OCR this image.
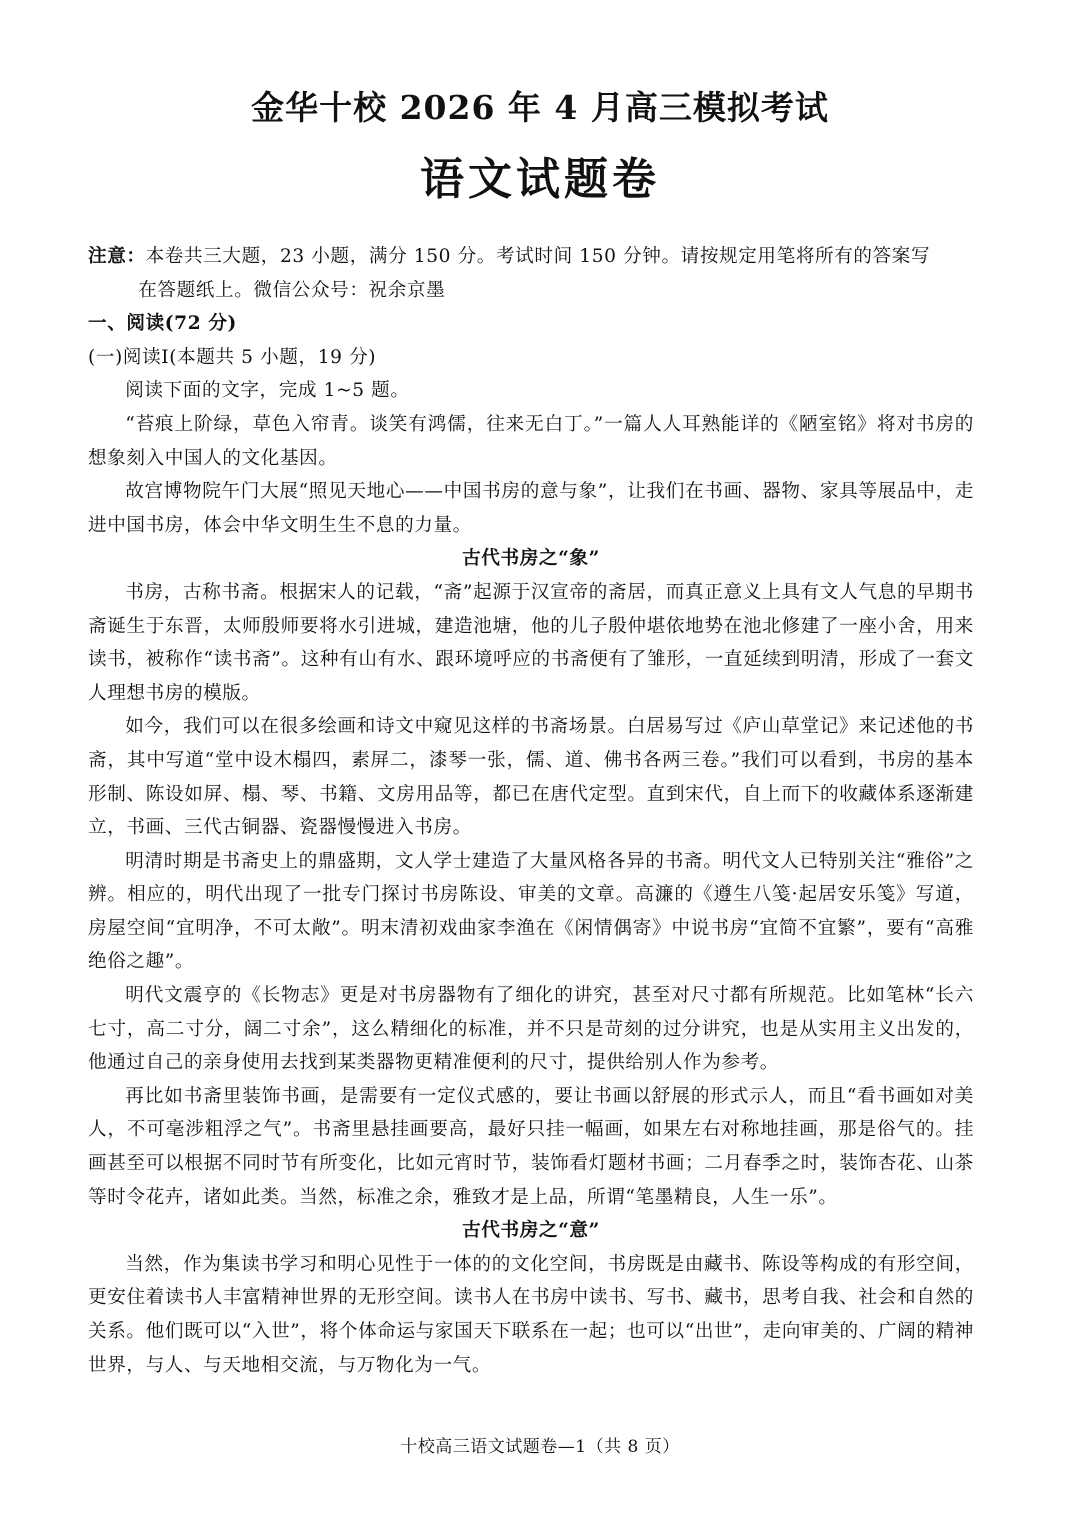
金华十校 2026 年 4 月高三模拟考试
语文试题卷

注意：本卷共三大题，23 小题，满分 150 分。考试时间 150 分钟。请按规定用笔将所有的答案写

在答题纸上。微信公众号：祝余京墨

一、阅读(72 分)

(一)阅读Ⅰ(本题共 5 小题，19 分)

阅读下面的文字，完成 1~5 题。

“苔痕上阶绿，草色入帘青。谈笑有鸿儒，往来无白丁。”一篇人人耳熟能详的《陋室铭》将对书房的想象刻入中国人的文化基因。

故宫博物院午门大展“照见天地心——中国书房的意与象”，让我们在书画、器物、家具等展品中，走进中国书房，体会中华文明生生不息的力量。

古代书房之“象”

书房，古称书斋。根据宋人的记载，“斋”起源于汉宣帝的斋居，而真正意义上具有文人气息的早期书斋诞生于东晋，太师殷师要将水引进城，建造池塘，他的儿子殷仲堪依地势在池北修建了一座小舍，用来读书，被称作“读书斋”。这种有山有水、跟环境呼应的书斋便有了雏形，一直延续到明清，形成了一套文人理想书房的模版。

如今，我们可以在很多绘画和诗文中窥见这样的书斋场景。白居易写过《庐山草堂记》来记述他的书斋，其中写道“堂中设木榻四，素屏二，漆琴一张，儒、道、佛书各两三卷。”我们可以看到，书房的基本形制、陈设如屏、榻、琴、书籍、文房用品等，都已在唐代定型。直到宋代，自上而下的收藏体系逐渐建立，书画、三代古铜器、瓷器慢慢进入书房。

明清时期是书斋史上的鼎盛期，文人学士建造了大量风格各异的书斋。明代文人已特别关注“雅俗”之辨。相应的，明代出现了一批专门探讨书房陈设、审美的文章。高濂的《遵生八笺·起居安乐笺》写道，房屋空间“宜明净，不可太敞”。明末清初戏曲家李渔在《闲情偶寄》中说书房“宜简不宜繁”，要有“高雅绝俗之趣”。

明代文震亨的《长物志》更是对书房器物有了细化的讲究，甚至对尺寸都有所规范。比如笔林“长六七寸，高二寸分，阔二寸余”，这么精细化的标准，并不只是苛刻的过分讲究，也是从实用主义出发的，他通过自己的亲身使用去找到某类器物更精准便利的尺寸，提供给别人作为参考。

再比如书斋里装饰书画，是需要有一定仪式感的，要让书画以舒展的形式示人，而且“看书画如对美人，不可毫涉粗浮之气”。书斋里悬挂画要高，最好只挂一幅画，如果左右对称地挂画，那是俗气的。挂画甚至可以根据不同时节有所变化，比如元宵时节，装饰看灯题材书画；二月春季之时，装饰杏花、山茶等时令花卉，诸如此类。当然，标准之余，雅致才是上品，所谓“笔墨精良，人生一乐”。

古代书房之“意”

当然，作为集读书学习和明心见性于一体的的文化空间，书房既是由藏书、陈设等构成的有形空间，更安住着读书人丰富精神世界的无形空间。读书人在书房中读书、写书、藏书，思考自我、社会和自然的关系。他们既可以“入世”，将个体命运与家国天下联系在一起；也可以“出世”，走向审美的、广阔的精神世界，与人、与天地相交流，与万物化为一气。

十校高三语文试题卷—1（共 8 页）
